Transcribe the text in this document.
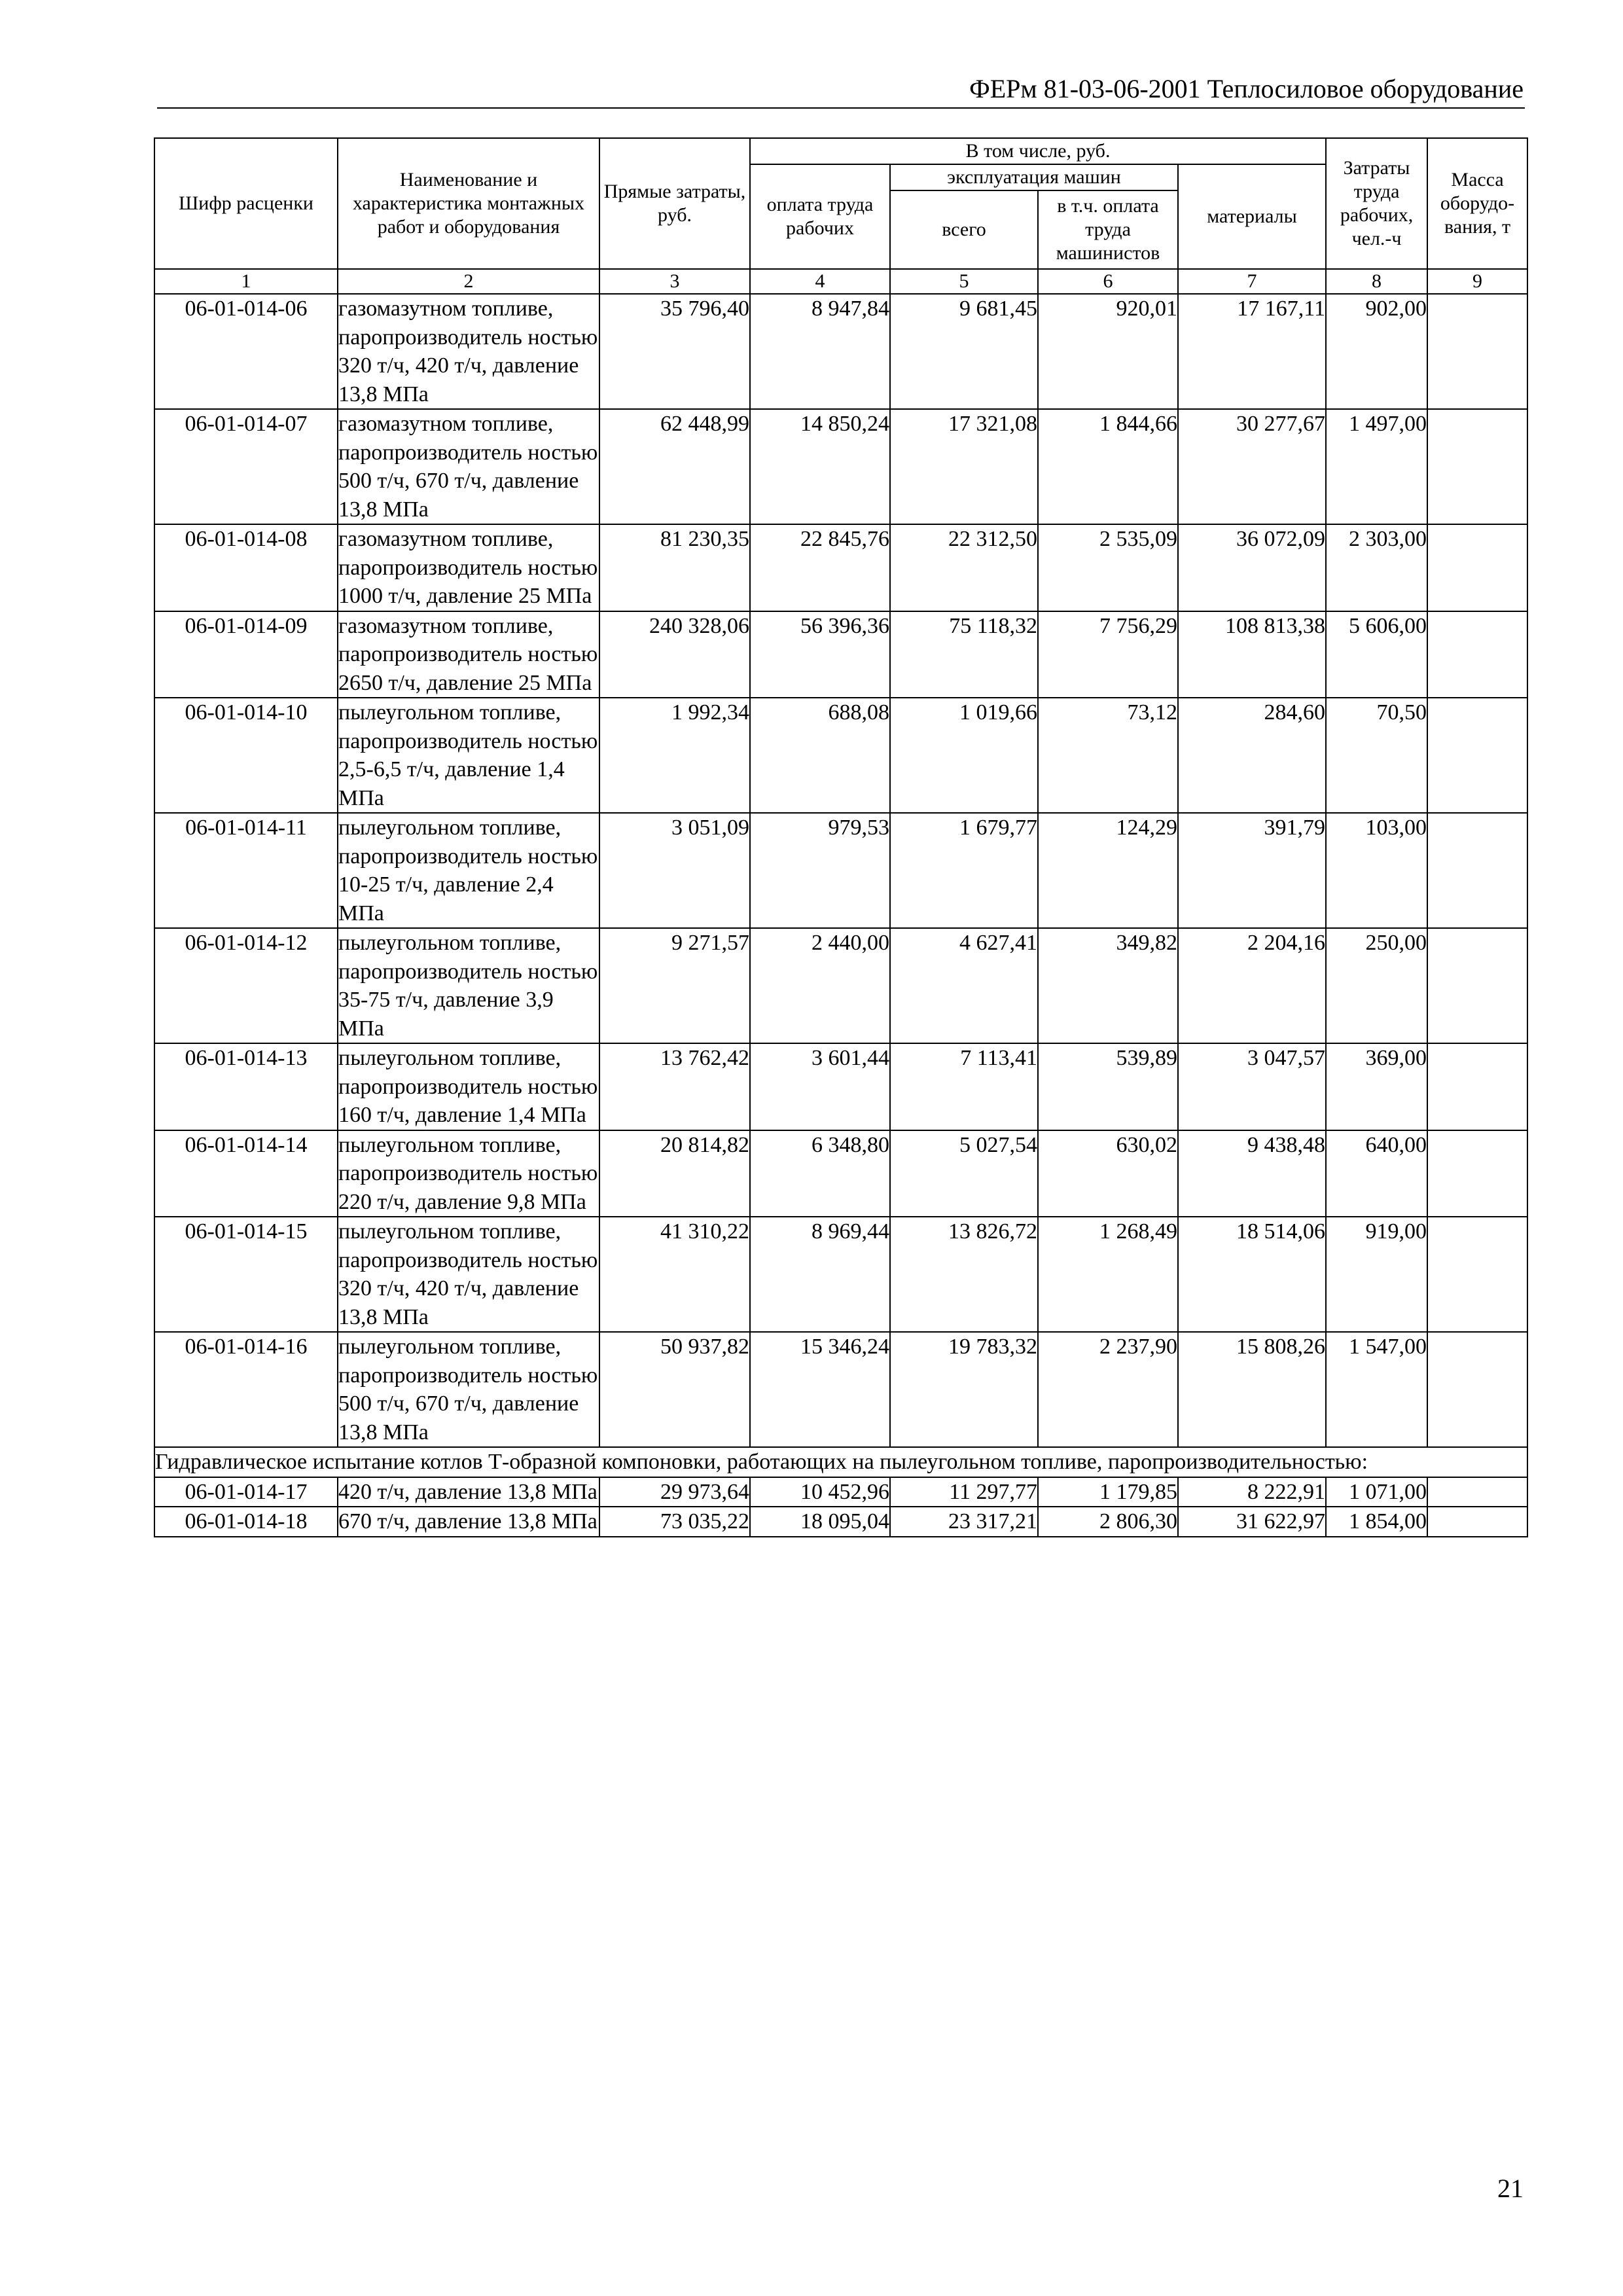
ФЕРм 81-03-06-2001 Теплосиловое оборудование
Шифр расценки	Наименование и характеристика монтажных работ и оборудования	Прямые затраты, руб.	В том числе, руб.				Затраты труда рабочих, чел.-ч	Масса оборудо-вания, т
			оплата труда рабочих	эксплуатация машин		материалы		
				всего	в т.ч. оплата труда машинистов			
1	2	3	4	5	6	7	8	9
06-01-014-06	газомазутном топливе, паропроизводитель ностью 320 т/ч, 420 т/ч, давление 13,8 МПа	35 796,40	8 947,84	9 681,45	920,01	17 167,11	902,00	
06-01-014-07	газомазутном топливе, паропроизводитель ностью 500 т/ч, 670 т/ч, давление 13,8 МПа	62 448,99	14 850,24	17 321,08	1 844,66	30 277,67	1 497,00	
06-01-014-08	газомазутном топливе, паропроизводитель ностью 1000 т/ч, давление 25 МПа	81 230,35	22 845,76	22 312,50	2 535,09	36 072,09	2 303,00	
06-01-014-09	газомазутном топливе, паропроизводитель ностью 2650 т/ч, давление 25 МПа	240 328,06	56 396,36	75 118,32	7 756,29	108 813,38	5 606,00	
06-01-014-10	пылеугольном топливе, паропроизводитель ностью 2,5-6,5 т/ч, давление 1,4 МПа	1 992,34	688,08	1 019,66	73,12	284,60	70,50	
06-01-014-11	пылеугольном топливе, паропроизводитель ностью 10-25 т/ч, давление 2,4 МПа	3 051,09	979,53	1 679,77	124,29	391,79	103,00	
06-01-014-12	пылеугольном топливе, паропроизводитель ностью 35-75 т/ч, давление 3,9 МПа	9 271,57	2 440,00	4 627,41	349,82	2 204,16	250,00	
06-01-014-13	пылеугольном топливе, паропроизводитель ностью 160 т/ч, давление 1,4 МПа	13 762,42	3 601,44	7 113,41	539,89	3 047,57	369,00	
06-01-014-14	пылеугольном топливе, паропроизводитель ностью 220 т/ч, давление 9,8 МПа	20 814,82	6 348,80	5 027,54	630,02	9 438,48	640,00	
06-01-014-15	пылеугольном топливе, паропроизводитель ностью 320 т/ч, 420 т/ч, давление 13,8 МПа	41 310,22	8 969,44	13 826,72	1 268,49	18 514,06	919,00	
06-01-014-16	пылеугольном топливе, паропроизводитель ностью 500 т/ч, 670 т/ч, давление 13,8 МПа	50 937,82	15 346,24	19 783,32	2 237,90	15 808,26	1 547,00	
Гидравлическое испытание котлов Т-образной компоновки, работающих на пылеугольном топливе, паропроизводительностью:								
06-01-014-17	420 т/ч, давление 13,8 МПа	29 973,64	10 452,96	11 297,77	1 179,85	8 222,91	1 071,00	
06-01-014-18	670 т/ч, давление 13,8 МПа	73 035,22	18 095,04	23 317,21	2 806,30	31 622,97	1 854,00	
21
